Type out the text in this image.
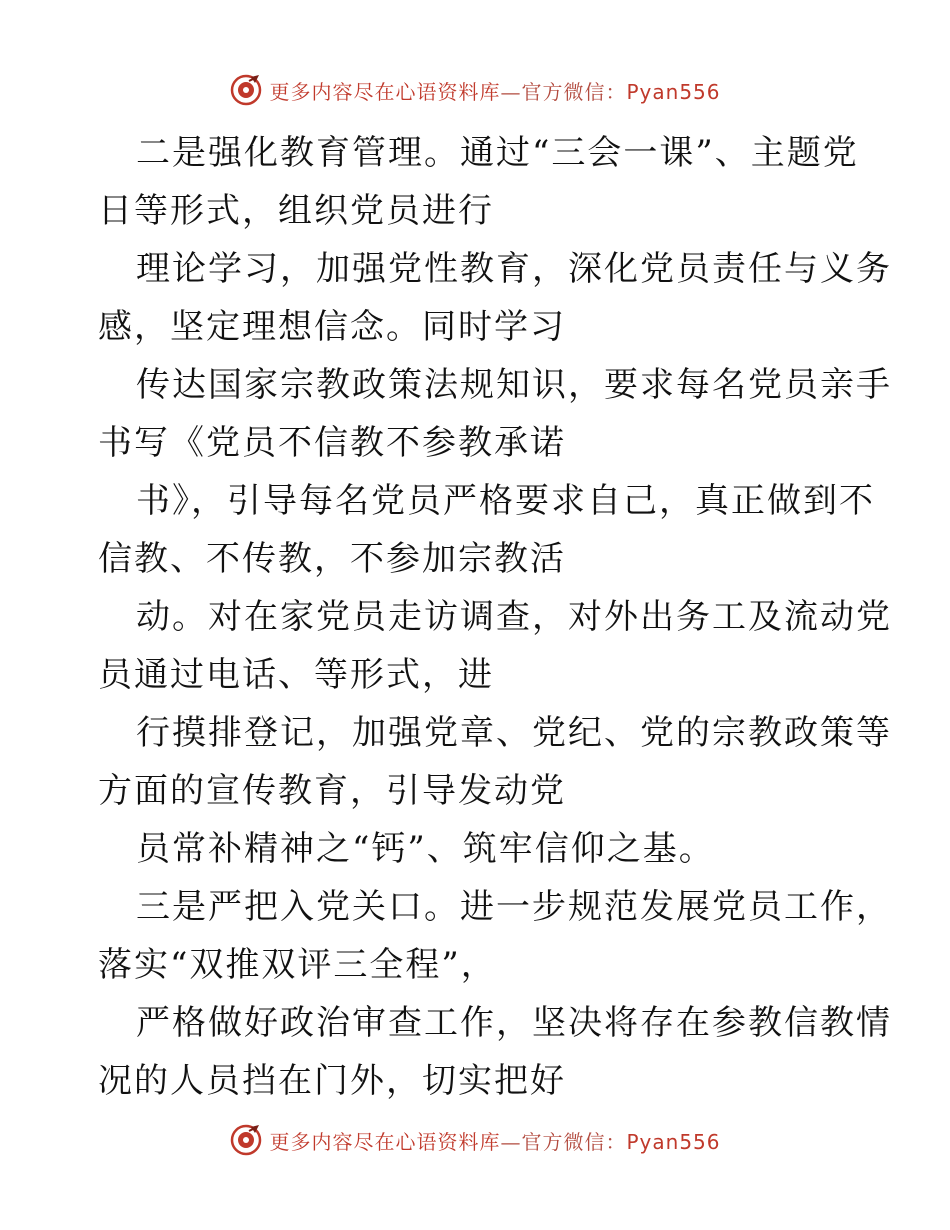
更多内容尽在心语资料库—官方微信：Pyan556
二是强化教育管理。通过“三会一课”、主题党
日等形式，组织党员进行
理论学习，加强党性教育，深化党员责任与义务
感，坚定理想信念。同时学习
传达国家宗教政策法规知识，要求每名党员亲手
书写《党员不信教不参教承诺
书》，引导每名党员严格要求自己，真正做到不
信教、不传教，不参加宗教活
动。对在家党员走访调查，对外出务工及流动党
员通过电话、等形式，进
行摸排登记，加强党章、党纪、党的宗教政策等
方面的宣传教育，引导发动党
员常补精神之“钙”、筑牢信仰之基。
三是严把入党关口。进一步规范发展党员工作，
落实“双推双评三全程”，
严格做好政治审查工作，坚决将存在参教信教情
况的人员挡在门外，切实把好
更多内容尽在心语资料库—官方微信：Pyan556
